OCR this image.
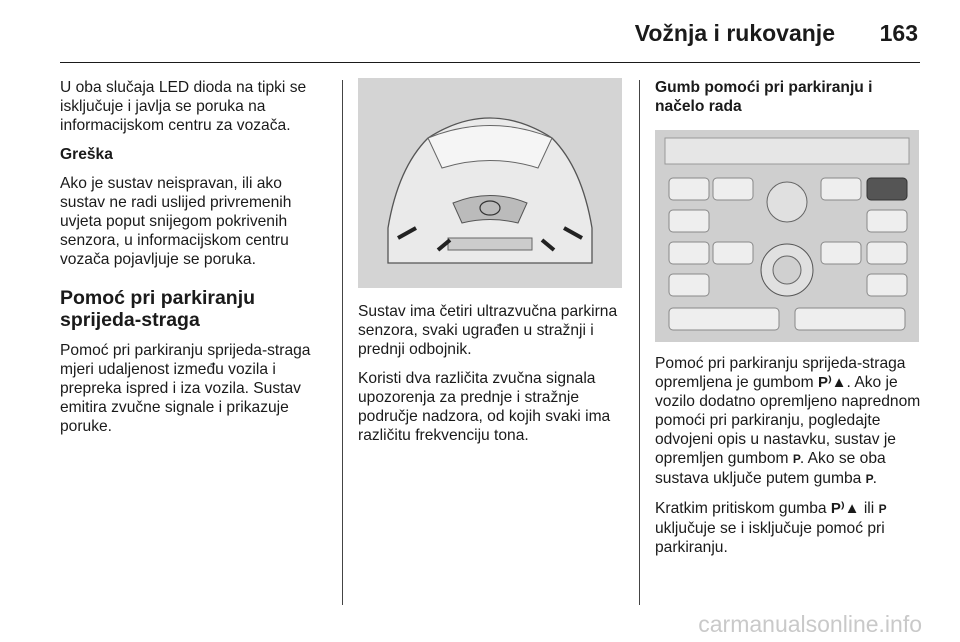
Vožnja i rukovanje 163

U oba slučaja LED dioda na tipki se isključuje i javlja se poruka na informacijskom centru za vozača.

Greška

Ako je sustav neispravan, ili ako sustav ne radi uslijed privremenih uvjeta poput snijegom pokrivenih senzora, u informacijskom centru vozača pojavljuje se poruka.

Pomoć pri parkiranju sprijeda-straga

Pomoć pri parkiranju sprijeda-straga mjeri udaljenost između vozila i prepreka ispred i iza vozila. Sustav emitira zvučne signale i prikazuje poruke.

Sustav ima četiri ultrazvučna parkirna senzora, svaki ugrađen u stražnji i prednji odbojnik.

Koristi dva različita zvučna signala upozorenja za prednje i stražnje područje nadzora, od kojih svaki ima različitu frekvenciju tona.

Gumb pomoći pri parkiranju i načelo rada

Pomoć pri parkiranju sprijeda-straga opremljena je gumbom P⁾▲. Ako je vozilo dodatno opremljeno naprednom pomoći pri parkiranju, pogledajte odvojeni opis u nastavku, sustav je opremljen gumbom P. Ako se oba sustava uključe putem gumba P.

Kratkim pritiskom gumba P⁾▲ ili P uključuje se i isključuje pomoć pri parkiranju.

carmanualsonline.info
